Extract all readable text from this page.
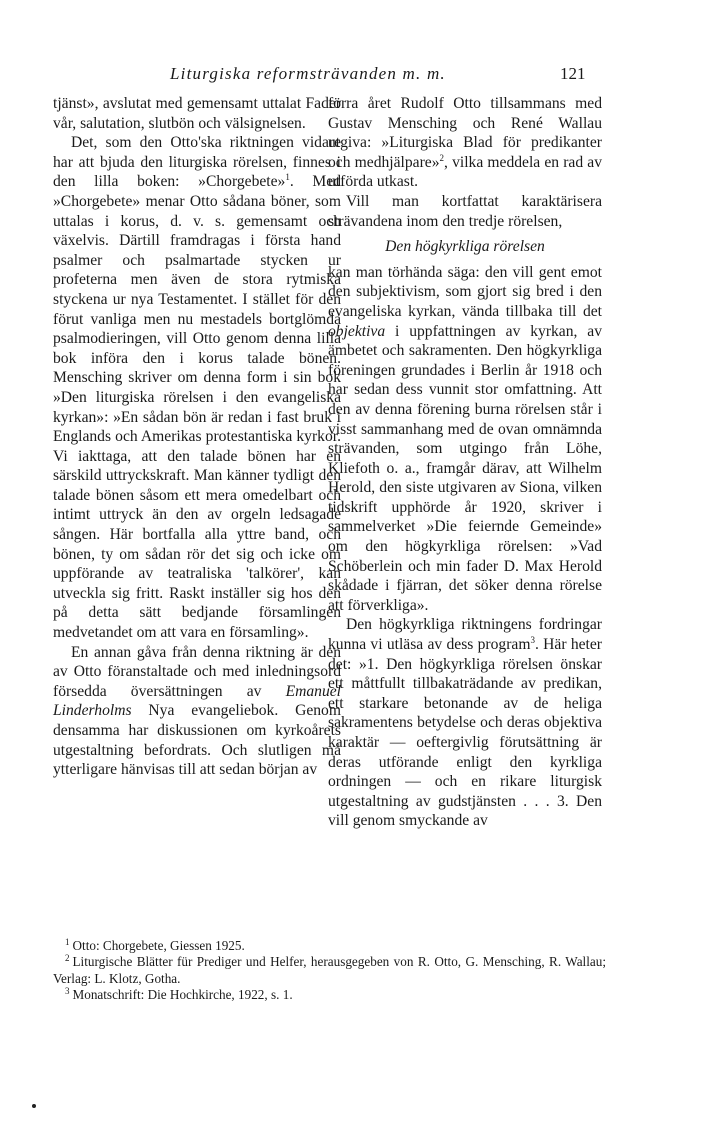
Liturgiska reformsträvanden m. m.	121

tjänst», avslutat med gemensamt uttalat Fader vår, salutation, slutbön och välsignelsen.

Det, som den Otto'ska riktningen vidare har att bjuda den liturgiska rörelsen, finnes i den lilla boken: »Chorgebete»$^1$. Med »Chorgebete» menar Otto sådana böner, som uttalas i korus, d. v. s. gemensamt och växelvis. Därtill framdragas i första hand psalmer och psalmartade stycken ur profeterna men även de stora rytmiska styckena ur nya Testamentet. I stället för den förut vanliga men nu mestadels bortglömda psalmodieringen, vill Otto genom denna lilla bok införa den i korus talade bönen. Mensching skriver om denna form i sin bok »Den liturgiska rörelsen i den evangeliska kyrkan»: »En sådan bön är redan i fast bruk i Englands och Amerikas protestantiska kyrkor. Vi iakttaga, att den talade bönen har en särskild uttryckskraft. Man känner tydligt den talade bönen såsom ett mera omedelbart och intimt uttryck än den av orgeln ledsagade sången. Här bortfalla alla yttre band, och bönen, ty om sådan rör det sig och icke om uppförande av teatraliska 'talkörer', kan utveckla sig fritt. Raskt inställer sig hos den på detta sätt bedjande församlingen medvetandet om att vara en församling».

En annan gåva från denna riktning är den av Otto föranstaltade och med inledningsord försedda översättningen av Emanuel Linderholms Nya evangeliebok. Genom densamma har diskussionen om kyrkoårets utgestaltning befordrats. Och slutligen må ytterligare hänvisas till att sedan början av

förra året Rudolf Otto tillsammans med Gustav Mensching och René Wallau utgiva: »Liturgiska Blad för predikanter och medhjälpare»$^2$, vilka meddela en rad av utförda utkast.

Vill man kortfattat karaktärisera strävandena inom den tredje rörelsen,

Den högkyrkliga rörelsen

kan man törhända säga: den vill gent emot den subjektivism, som gjort sig bred i den evangeliska kyrkan, vända tillbaka till det objektiva i uppfattningen av kyrkan, av ämbetet och sakramenten. Den högkyrkliga föreningen grundades i Berlin år 1918 och har sedan dess vunnit stor omfattning. Att den av denna förening burna rörelsen står i visst sammanhang med de ovan omnämnda strävanden, som utgingo från Löhe, Kliefoth o. a., framgår därav, att Wilhelm Herold, den siste utgivaren av Siona, vilken tidskrift upphörde år 1920, skriver i sammelverket »Die feiernde Gemeinde» om den högkyrkliga rörelsen: »Vad Schöberlein och min fader D. Max Herold skådade i fjärran, det söker denna rörelse att förverkliga».

Den högkyrkliga riktningens fordringar kunna vi utläsa av dess program$^3$. Här heter det: »1. Den högkyrkliga rörelsen önskar ett måttfullt tillbakaträdande av predikan, ett starkare betonande av de heliga sakramentens betydelse och deras objektiva karaktär — oeftergivlig förutsättning är deras utförande enligt den kyrkliga ordningen — och en rikare liturgisk utgestaltning av gudstjänsten . . . 3. Den vill genom smyckande av

$^1$ Otto: Chorgebete, Giessen 1925.

$^2$ Liturgische Blätter für Prediger und Helfer, herausgegeben von R. Otto, G. Mensching, R. Wallau; Verlag: L. Klotz, Gotha.

$^3$ Monatschrift: Die Hochkirche, 1922, s. 1.
